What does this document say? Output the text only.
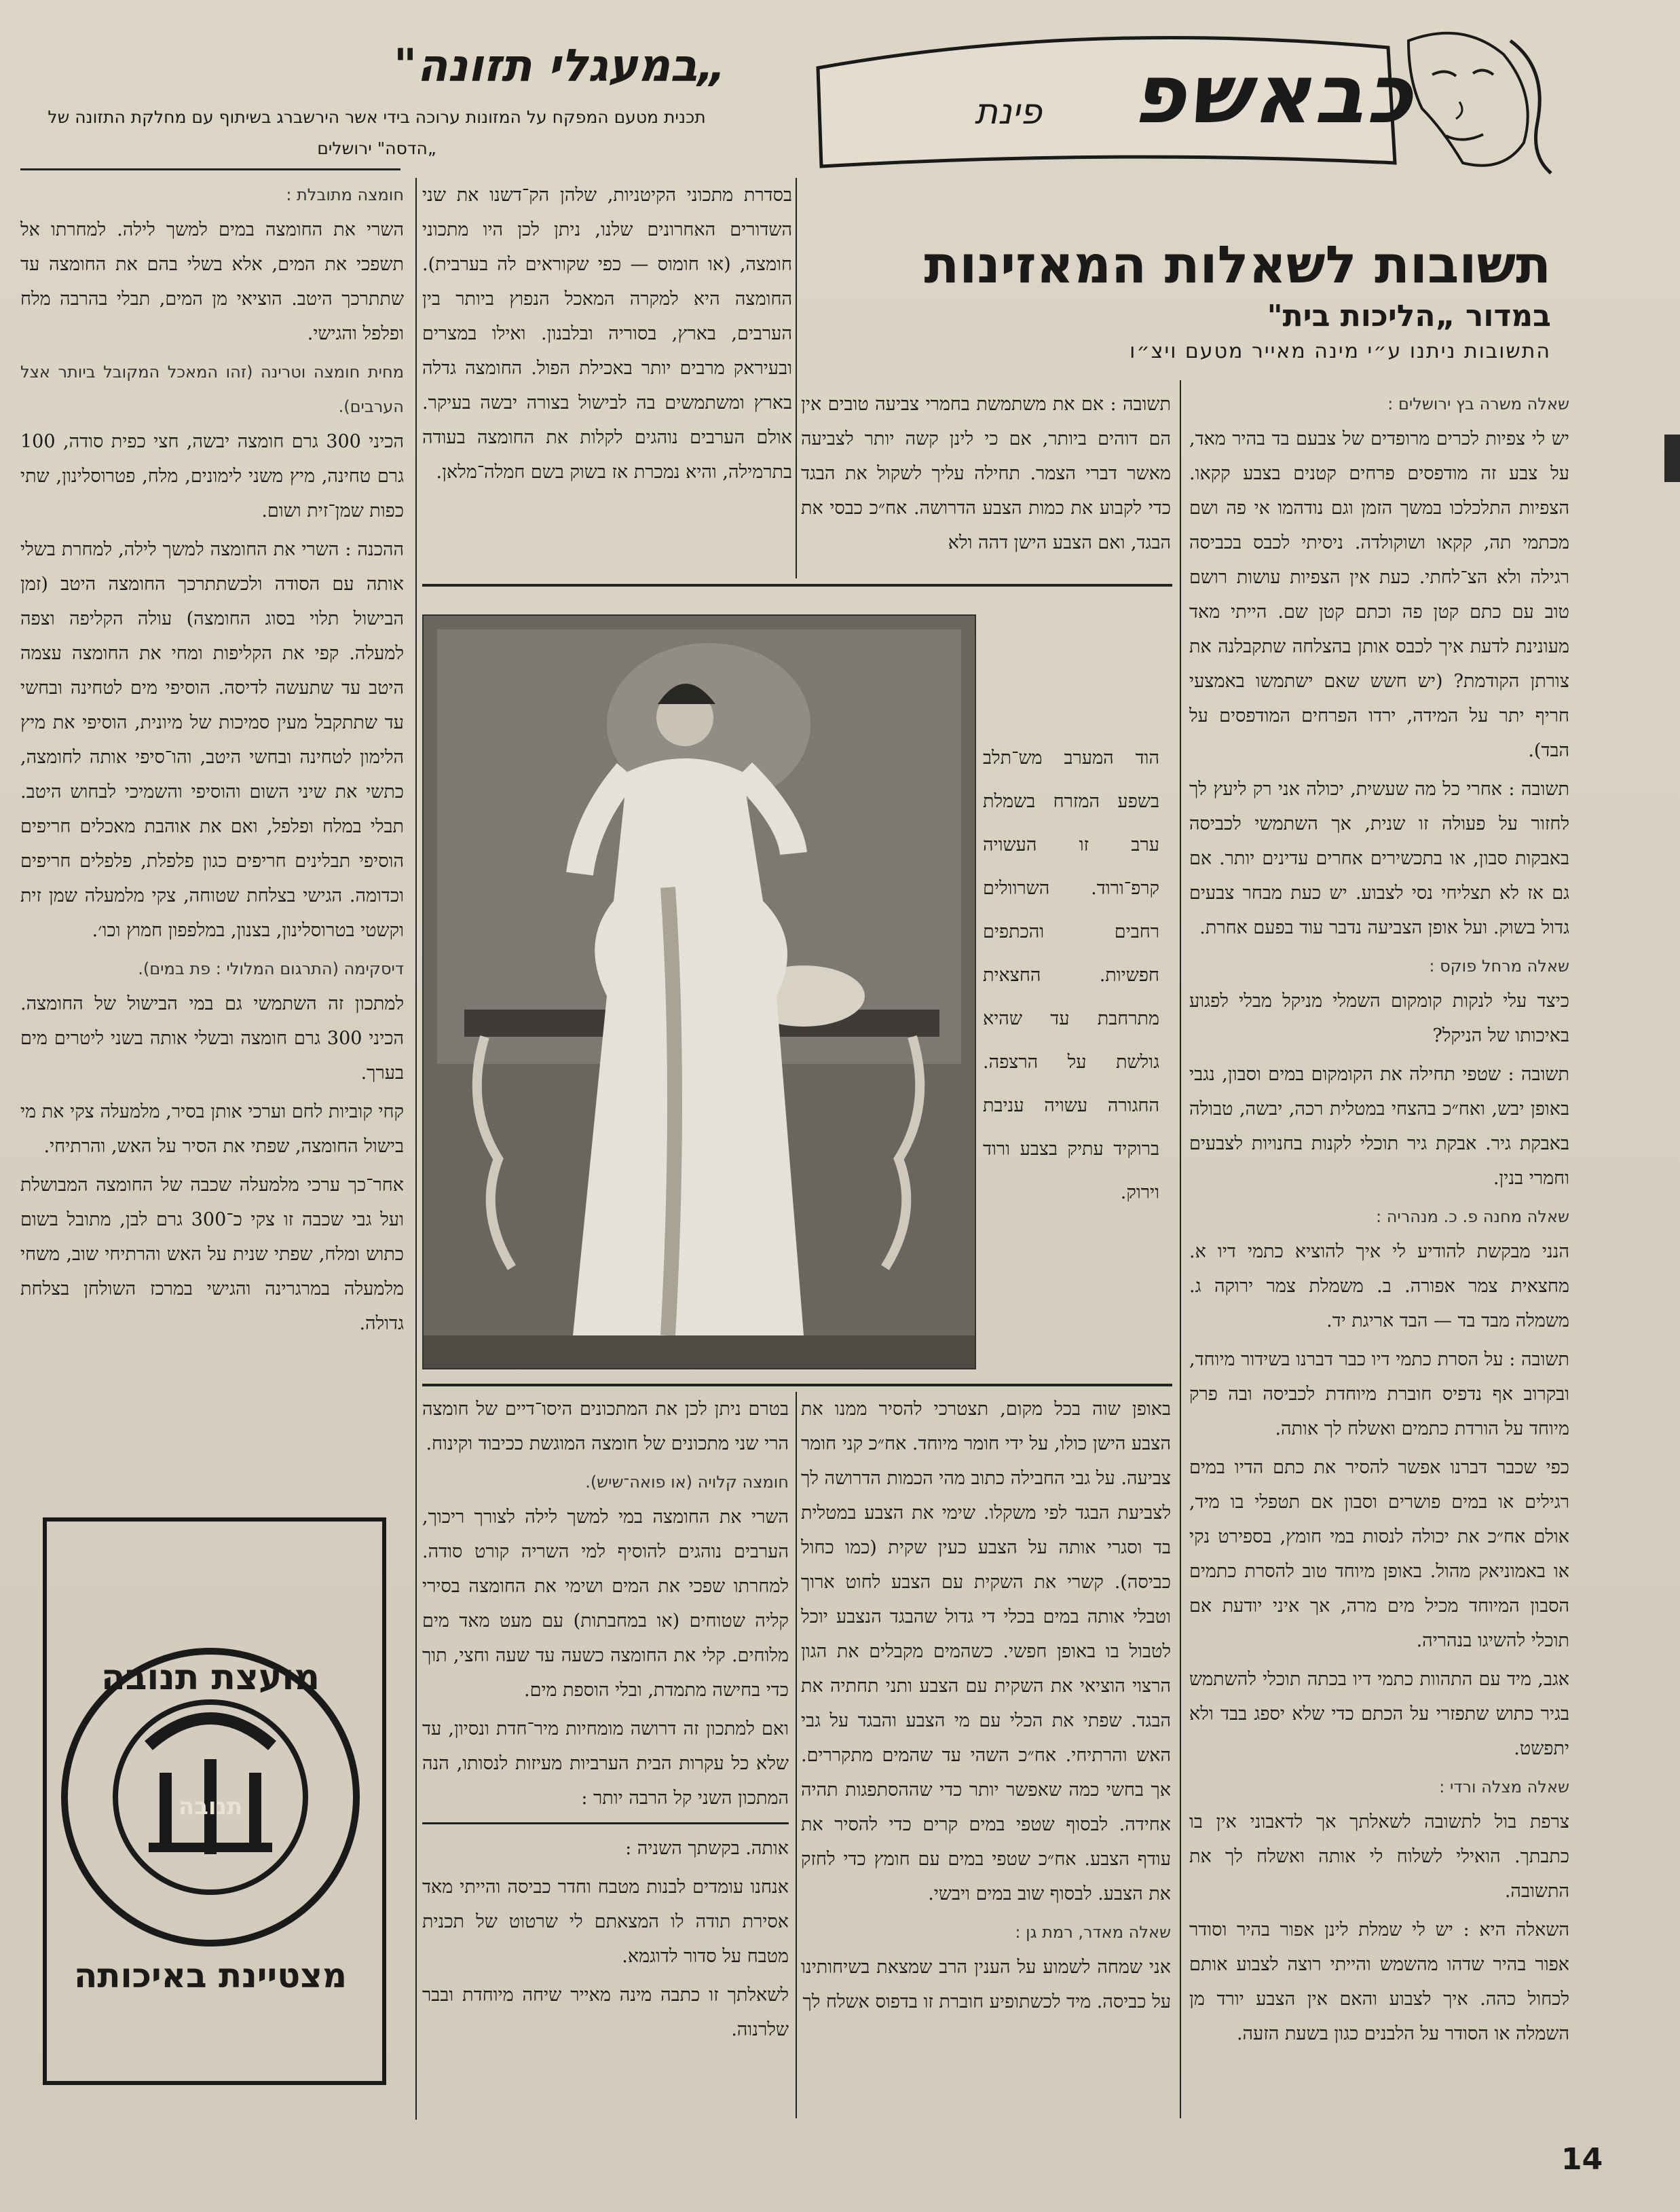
פינת כבאשפ
תשובות לשאלות המאזינות
במדור „הליכות בית"
התשובות ניתנו ע״י מינה מאייר מטעם ויצ״ו
שאלה משרה בץ ירושלים :

יש לי צפיות לכרים מרופדים של צבעם בד בהיר מאד, על צבע זה מודפסים פרחים קטנים בצבע קקאו. הצפיות התלכלכו במשך הזמן וגם נודהמו אי פה ושם מכתמי תה, קקאו ושוקולדה. ניסיתי לכבס בכביסה רגילה ולא הצ־לחתי. כעת אין הצפיות עושות רושם טוב עם כתם קטן פה וכתם קטן שם. הייתי מאד מעונינת לדעת איך לכבס אותן בהצלחה שתקבלנה את צורתן הקודמת? (יש חשש שאם ישתמשו באמצעי חריף יתר על המידה, ירדו הפרחים המודפסים על הבד).

תשובה : אחרי כל מה שעשית, יכולה אני רק ליעץ לך לחזור על פעולה זו שנית, אך השתמשי לכביסה באבקות סבון, או בתכשירים אחרים עדינים יותר. אם גם אז לא תצליחי נסי לצבוע. יש כעת מבחר צבעים גדול בשוק. ועל אופן הצביעה נדבר עוד בפעם אחרת.

שאלה מרחל פוקס :

כיצד עלי לנקות קומקום השמלי מניקל מבלי לפגוע באיכותו של הניקל?

תשובה : שטפי תחילה את הקומקום במים וסבון, נגבי באופן יבש, ואח״כ בהצחי במטלית רכה, יבשה, טבולה באבקת גיר. אבקת גיר תוכלי לקנות בחנויות לצבעים וחמרי בנין.

שאלה מחנה פ. כ. מנהריה :

הנני מבקשת להודיע לי איך להוציא כתמי דיו א. מחצאית צמר אפורה. ב. משמלת צמר ירוקה ג. משמלה מבד בד — הבד אריגת יד.

תשובה : על הסרת כתמי דיו כבר דברנו בשידור מיוחד, ובקרוב אף נדפיס חוברת מיוחדת לכביסה ובה פרק מיוחד על הורדת כתמים ואשלח לך אותה.

כפי שכבר דברנו אפשר להסיר את כתם הדיו במים רגילים או במים פושרים וסבון אם תטפלי בו מיד, אולם אח״כ את יכולה לנסות במי חומץ, בספירט נקי או באמוניאק מהול. באופן מיוחד טוב להסרת כתמים הסבון המיוחד מכיל מים מרה, אך איני יודעת אם תוכלי להשיגו בנהריה.

אגב, מיד עם התהוות כתמי דיו בכתה תוכלי להשתמש בגיר כתוש שתפזרי על הכתם כדי שלא יספג בבד ולא יתפשט.

שאלה מצלה ורדי :

צרפת בול לתשובה לשאלתך אך לדאבוני אין בו כתבתך. הואילי לשלוח לי אותה ואשלח לך את התשובה.

השאלה היא : יש לי שמלת לינן אפור בהיר וסודר אפור בהיר שדהו מהשמש והייתי רוצה לצבוע אותם לכחול כהה. איך לצבוע והאם אין הצבע יורד מן השמלה או הסודר על הלבנים כגון בשעת הזעה.

תשובה : אם את משתמשת בחמרי צביעה טובים אין הם דוהים ביותר, אם כי לינן קשה יותר לצביעה מאשר דברי הצמר. תחילה עליך לשקול את הבגד כדי לקבוע את כמות הצבע הדרושה. אח״כ כבסי את הבגד, ואם הצבע הישן דהה ולא

בסדרת מתכוני הקיטניות, שלהן הק־דשנו את שני השדורים האחרונים שלנו, ניתן לכן היו מתכוני חומצה, (או חומוס — כפי שקוראים לה בערבית). החומצה היא למקרה המאכל הנפוץ ביותר בין הערבים, בארץ, בסוריה ובלבנון. ואילו במצרים ובעיראק מרבים יותר באכילת הפול. החומצה גדלה בארץ ומשתמשים בה לבישול בצורה יבשה בעיקר. אולם הערבים נוהגים לקלות את החומצה בעודה בתרמילה, והיא נמכרת אז בשוק בשם חמלה־מלאן.

הוד המערב מש־תלב בשפע המזרח בשמלת ערב זו העשויה קרפ־ורוד. השרוולים רחבים והכתפים חפשיות. החצאית מתרחבת עד שהיא גולשת על הרצפה. החגורה עשויה עניבת ברוקיד עתיק בצבע ורוד וירוק.

באופן שוה בכל מקום, תצטרכי להסיר ממנו את הצבע הישן כולו, על ידי חומר מיוחד. אח״כ קני חומר צביעה. על גבי החבילה כתוב מהי הכמות הדרושה לך לצביעת הבגד לפי משקלו. שימי את הצבע במטלית בד וסגרי אותה על הצבע כעין שקית (כמו כחול כביסה). קשרי את השקית עם הצבע לחוט ארוך וטבלי אותה במים בכלי די גדול שהבגד הנצבע יוכל לטבול בו באופן חפשי. כשהמים מקבלים את הגון הרצוי הוציאי את השקית עם הצבע ותני תחתיה את הבגד. שפתי את הכלי עם מי הצבע והבגד על גבי האש והרתיחי. אח״כ השהי עד שהמים מתקררים. אך בחשי כמה שאפשר יותר כדי שההסתפגות תהיה אחידה. לבסוף שטפי במים קרים כדי להסיר את עודף הצבע. אח״כ שטפי במים עם חומץ כדי לחזק את הצבע. לבסוף שוב במים ויבשי.

שאלה מאדר, רמת גן :

אני שמחה לשמוע על הענין הרב שמצאת בשיחותינו על כביסה. מיד לכשתופיע חוברת זו בדפוס אשלח לך

בטרם ניתן לכן את המתכונים היסו־דיים של חומצה הרי שני מתכונים של חומצה המוגשת ככיבוד וקינוח.

חומצה קלויה (או פואה־שיש).

השרי את החומצה במי למשך לילה לצורך ריכוך, הערבים נוהגים להוסיף למי השריה קורט סודה. למחרתו שפכי את המים ושימי את החומצה בסירי קליה שטוחים (או במחבתות) עם מעט מאד מים מלוחים. קלי את החומצה כשעה עד שעה וחצי, תוך כדי בחישה מתמדת, ובלי הוספת מים.

ואם למתכון זה דרושה מומחיות מיר־חדת ונסיון, עד שלא כל עקרות הבית הערביות מעיזות לנסותו, הנה המתכון השני קל הרבה יותר :

אותה. בקשתך השניה :

אנחנו עומדים לבנות מטבח וחדר כביסה והייתי מאד אסירת תודה לו המצאתם לי שרטוט של תכנית מטבח על סדור לדוגמא.

לשאלתך זו כתבה מינה מאייר שיחה מיוחדת ובבר שלרנוה.

„במעגלי תזונה"
תכנית מטעם המפקח על המזונות ערוכה בידי אשר הירשברג בשיתוף עם מחלקת התזונה של „הדסה" ירושלים
חומצה מתובלת :

השרי את החומצה במים למשך לילה. למחרתו אל תשפכי את המים, אלא בשלי בהם את החומצה עד שתתרכך היטב. הוציאי מן המים, תבלי בהרבה מלח ופלפל והגישי.

מחית חומצה וטרינה (זהו המאכל המקובל ביותר אצל הערבים).

הכיני 300 גרם חומצה יבשה, חצי כפית סודה, 100 גרם טחינה, מיץ משני לימונים, מלח, פטרוסלינון, שתי כפות שמן־זית ושום.

ההכנה : השרי את החומצה למשך לילה, למחרת בשלי אותה עם הסודה ולכשתתרכך החומצה היטב (זמן הבישול תלוי בסוג החומצה) עולה הקליפה וצפה למעלה. קפי את הקליפות ומחי את החומצה עצמה היטב עד שתעשה לדיסה. הוסיפי מים לטחינה ובחשי עד שתתקבל מעין סמיכות של מיונית, הוסיפי את מיץ הלימון לטחינה ובחשי היטב, והו־סיפי אותה לחומצה, כתשי את שיני השום והוסיפי והשמיכי לבחוש היטב. תבלי במלח ופלפל, ואם את אוהבת מאכלים חריפים הוסיפי תבלינים חריפים כגון פלפלת, פלפלים חריפים וכדומה. הגישי בצלחת שטוחה, צקי מלמעלה שמן זית וקשטי בטרוסלינון, בצנון, במלפפון חמוץ וכו׳.

דיסקימה (התרגום המלולי : פת במים).

למתכון זה השתמשי גם במי הבישול של החומצה. הכיני 300 גרם חומצה ובשלי אותה בשני ליטרים מים בערך.

קחי קוביות לחם וערכי אותן בסיר, מלמעלה צקי את מי בישול החומצה, שפתי את הסיר על האש, והרתיחי.

אחר־כך ערכי מלמעלה שכבה של החומצה המבושלת ועל גבי שכבה זו צקי כ־300 גרם לבן, מתובל בשום כתוש ומלח, שפתי שנית על האש והרתיחי שוב, משחי מלמעלה במרגרינה והגישי במרכז השולחן בצלחת גדולה.

מועצת תנובה
תנובה
מצטיינת באיכותה
14
